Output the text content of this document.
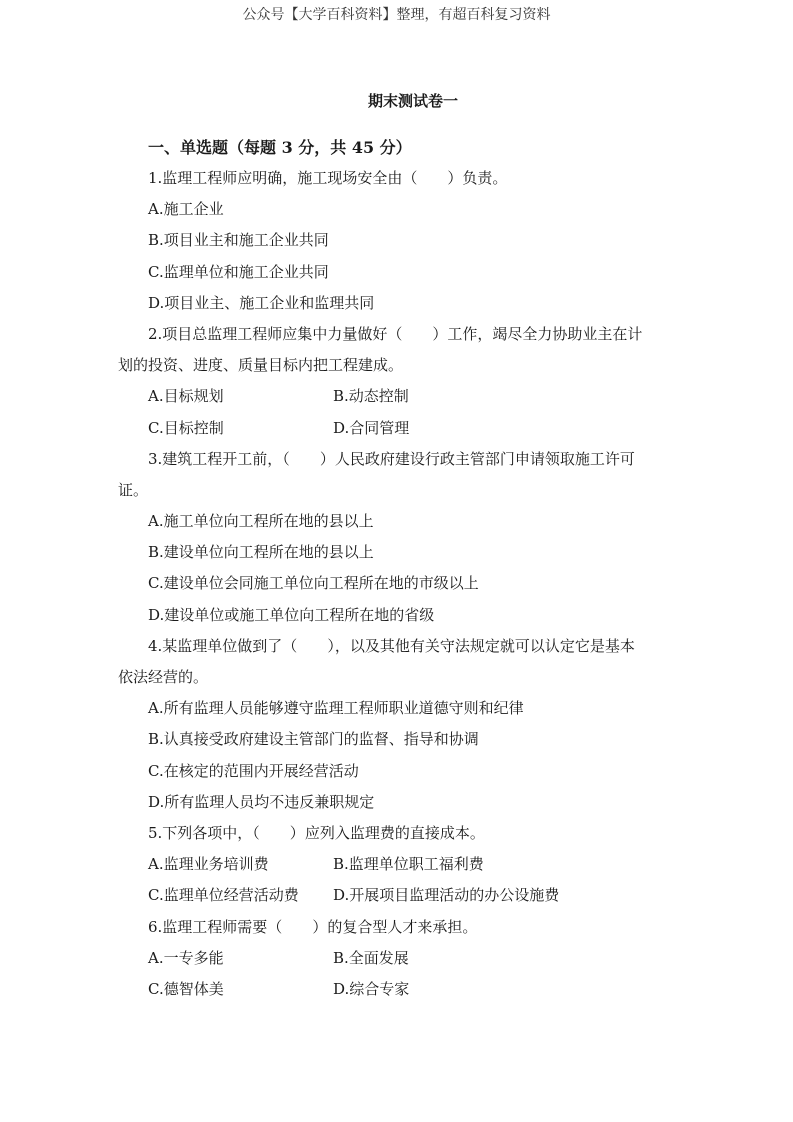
公众号【大学百科资料】整理，有超百科复习资料
期末测试卷一
一、单选题（每题 3 分，共 45 分）
1.监理工程师应明确，施工现场安全由（　　）负责。
A.施工企业
B.项目业主和施工企业共同
C.监理单位和施工企业共同
D.项目业主、施工企业和监理共同
2.项目总监理工程师应集中力量做好（　　）工作，竭尽全力协助业主在计
划的投资、进度、质量目标内把工程建成。
A.目标规划	B.动态控制
C.目标控制	D.合同管理
3.建筑工程开工前，（　　）人民政府建设行政主管部门申请领取施工许可
证。
A.施工单位向工程所在地的县以上
B.建设单位向工程所在地的县以上
C.建设单位会同施工单位向工程所在地的市级以上
D.建设单位或施工单位向工程所在地的省级
4.某监理单位做到了（　　），以及其他有关守法规定就可以认定它是基本
依法经营的。
A.所有监理人员能够遵守监理工程师职业道德守则和纪律
B.认真接受政府建设主管部门的监督、指导和协调
C.在核定的范围内开展经营活动
D.所有监理人员均不违反兼职规定
5.下列各项中，（　　）应列入监理费的直接成本。
A.监理业务培训费	B.监理单位职工福利费
C.监理单位经营活动费	D.开展项目监理活动的办公设施费
6.监理工程师需要（　　）的复合型人才来承担。
A.一专多能	B.全面发展
C.德智体美	D.综合专家
